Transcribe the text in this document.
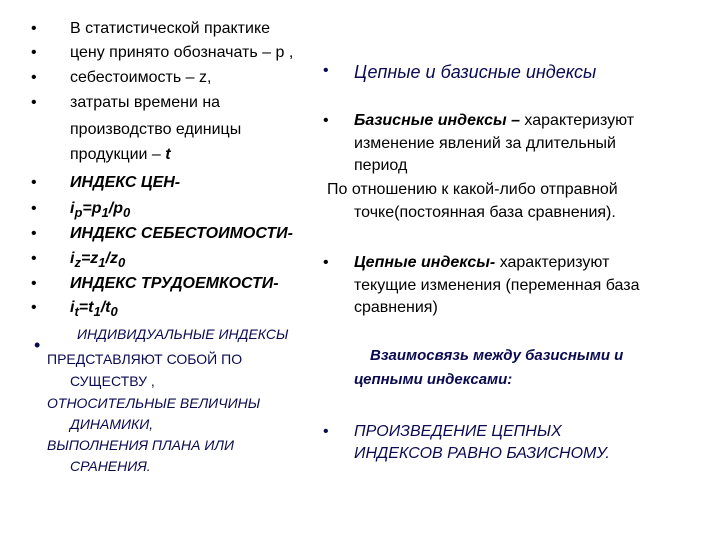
•
•
•
•
•
•
•
•
•
•
•
В статистической практике
цену принято обозначать – p ,
себестоимость – z,
затраты времени на
производство единицы
продукции – t
ИНДЕКС ЦЕН-
$i_p=p_1/p_0$
ИНДЕКС СЕБЕСТОИМОСТИ-
$i_z=z_1/z_0$
ИНДЕКС ТРУДОЕМКОСТИ-
$i_t=t_1/t_0$
ИНДИВИДУАЛЬНЫЕ ИНДЕКСЫ
ПРЕДСТАВЛЯЮТ СОБОЙ ПО
СУЩЕСТВУ ,
ОТНОСИТЕЛЬНЫЕ ВЕЛИЧИНЫ
ДИНАМИКИ,
ВЫПОЛНЕНИЯ ПЛАНА ИЛИ
СРАНЕНИЯ.
• Цепные и базисные индексы
• Базисные индексы – характеризуют
изменение явлений за длительный
период
По отношению к какой-либо отправной
точке(постоянная база сравнения).
• Цепные индексы- характеризуют
текущие изменения (переменная база
сравнения)
Взаимосвязь между базисными и
цепными индексами:
• ПРОИЗВЕДЕНИЕ ЦЕПНЫХ
ИНДЕКСОВ РАВНО БАЗИСНОМУ.
